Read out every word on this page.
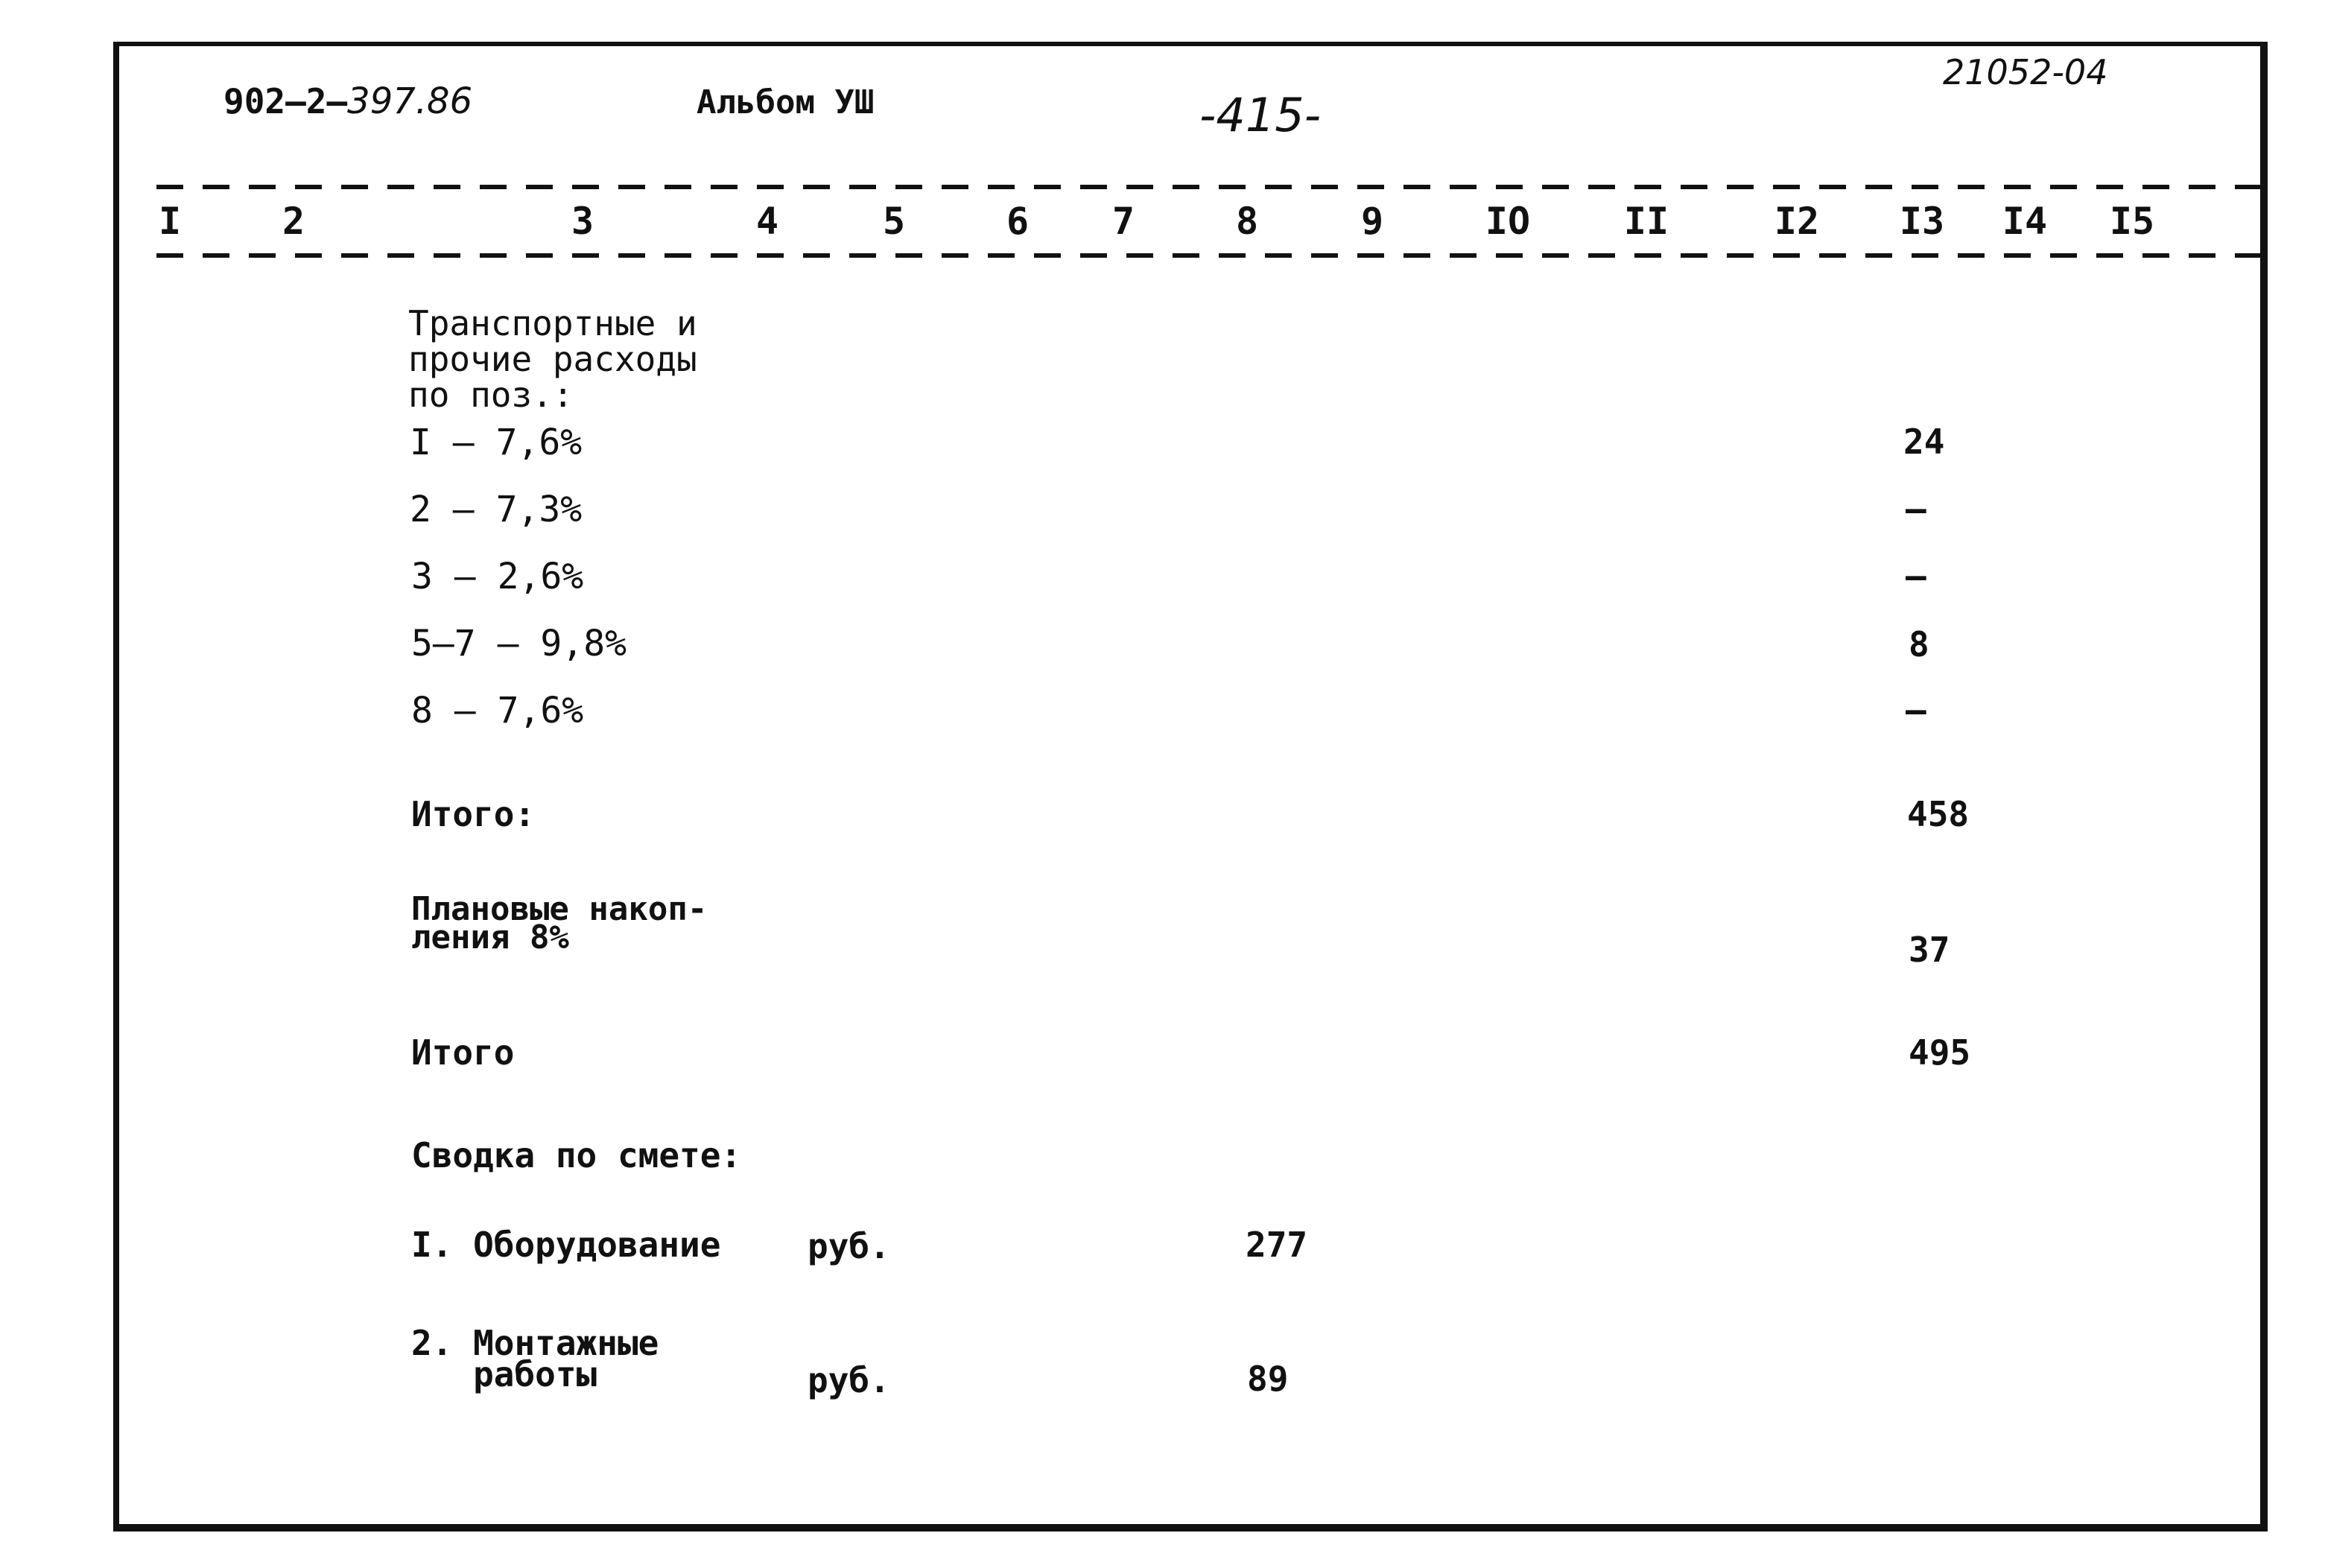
902–2–397.86	Альбом УШ	-415-
21052-04
I	2	3	4	5	6 7	8	9	IO	II	I2 I3 I4 I5
Транспортные и
прочие расходы
по поз.:
I – 7,6%	24
2 – 7,3%	–
3 – 2,6%	–
5–7 – 9,8%	8
8 – 7,6%	–
Итого:	458
Плановые накоп-
ления 8%	37
Итого	495
Сводка по смете:
I. Оборудование	руб.	277
2. Монтажные
работы	руб.	89
